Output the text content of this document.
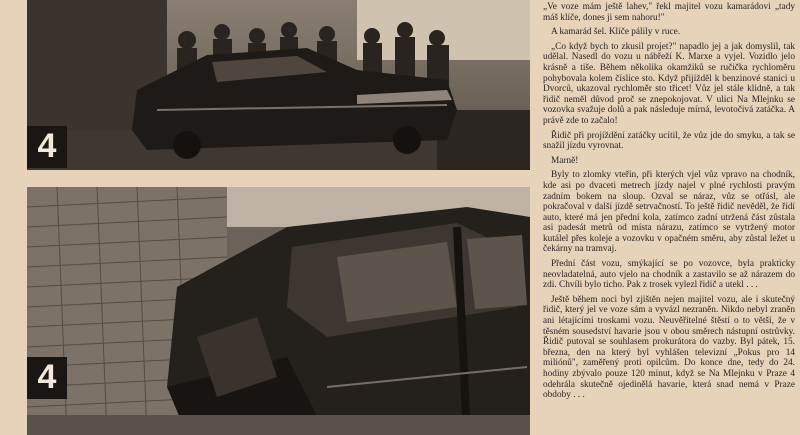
4
4

„Ve voze mám ještě lahev," řekl majitel vozu kamarádovi „tady máš klíče, dones ji sem nahoru!"

A kamarád šel. Klíče pálily v ruce.

„Co když bych to zkusil projet?" napadlo jej a jak domyslil, tak udělal. Nasedl do vozu u nábřeží K. Marxe a vyjel. Vozidlo jelo krásně a tiše. Během několika okamžiků se ručička rychloměru pohybovala kolem číslice sto. Když přijížděl k benzinové stanici u Dvorců, ukazoval rychloměr sto třicet! Vůz jel stále klidně, a tak řidič neměl důvod proč se znepokojovat. V ulici Na Mlejnku se vozovka svažuje dolů a pak následuje mírná, levotočivá zatáčka. A právě zde to začalo!

Řidič při projíždění zatáčky ucítil, že vůz jde do smyku, a tak se snažil jízdu vyrovnat.

Marně!

Byly to zlomky vteřin, při kterých vjel vůz vpravo na chodník, kde asi po dvaceti metrech jízdy najel v plné rychlosti pravým zadním bokem na sloup. Ozval se náraz, vůz se otřásl, ale pokračoval v další jízdě setrvačností. To ještě řidič nevěděl, že řídí auto, které má jen přední kola, zatímco zadní utržená část zůstala asi padesát metrů od místa nárazu, zatímco se vytržený motor kutálel přes koleje a vozovku v opačném směru, aby zůstal ležet u čekárny na tramvaj.

Přední část vozu, smýkající se po vozovce, byla prakticky neovladatelná, auto vjelo na chodník a zastavilo se až nárazem do zdi. Chvíli bylo ticho. Pak z trosek vylezl řidič a utekl . . .

Ještě během noci byl zjištěn nejen majitel vozu, ale i skutečný řidič, který jel ve voze sám a vyvázl nezraněn. Nikdo nebyl zraněn ani létajícími troskami vozu. Neuvěřitelné štěstí o to větší, že v těsném sousedství havarie jsou v obou směrech nástupní ostrůvky. Řidič putoval se souhlasem prokurátora do vazby. Byl pátek, 15. března, den na který byl vyhlášen televizní „Pokus pro 14 miliónů", zaměřený proti opilcům. Do konce dne, tedy do 24. hodiny zbývalo pouze 120 minut, když se Na Mlejnku v Praze 4 odehrála skutečně ojedinělá havarie, která snad nemá v Praze obdoby . . .
